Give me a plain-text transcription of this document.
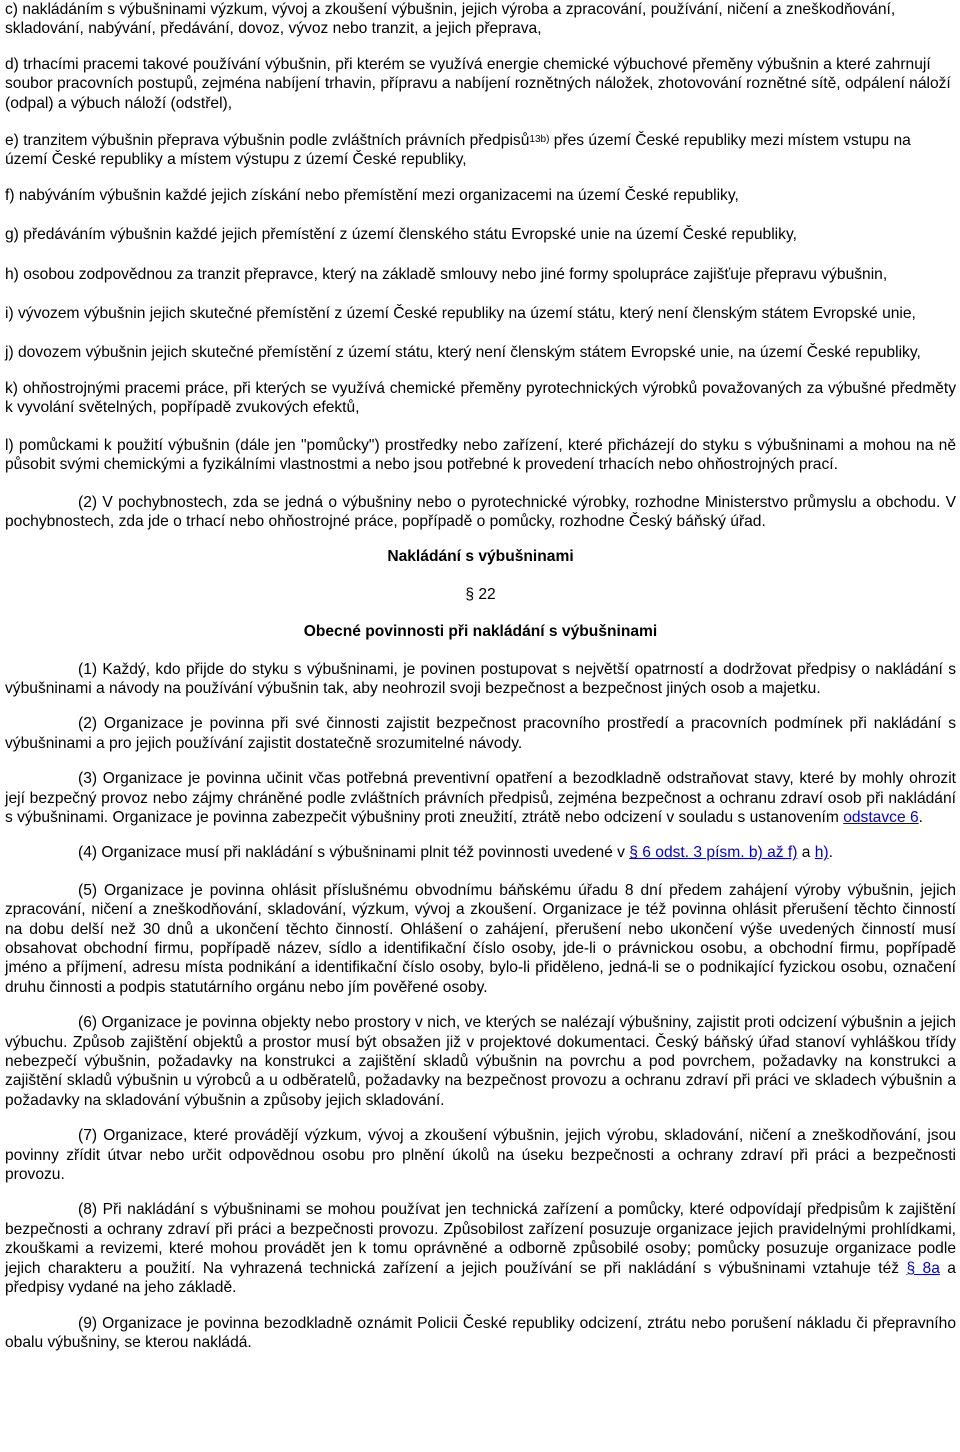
c) nakládáním s výbušninami výzkum, vývoj a zkoušení výbušnin, jejich výroba a zpracování, používání, ničení a zneškodňování, skladování, nabývání, předávání, dovoz, vývoz nebo tranzit, a jejich přeprava,

d) trhacími pracemi takové používání výbušnin, při kterém se využívá energie chemické výbuchové přeměny výbušnin a které zahrnují soubor pracovních postupů, zejména nabíjení trhavin, přípravu a nabíjení roznětných náložek, zhotovování roznětné sítě, odpálení náloží (odpal) a výbuch náloží (odstřel),

e) tranzitem výbušnin přeprava výbušnin podle zvláštních právních předpisů$^{13b)}$ přes území České republiky mezi místem vstupu na území České republiky a místem výstupu z území České republiky,

f) nabýváním výbušnin každé jejich získání nebo přemístění mezi organizacemi na území České republiky,

g) předáváním výbušnin každé jejich přemístění z území členského státu Evropské unie na území České republiky,

h) osobou zodpovědnou za tranzit přepravce, který na základě smlouvy nebo jiné formy spolupráce zajišťuje přepravu výbušnin,

i) vývozem výbušnin jejich skutečné přemístění z území České republiky na území státu, který není členským státem Evropské unie,

j) dovozem výbušnin jejich skutečné přemístění z území státu, který není členským státem Evropské unie, na území České republiky,

k) ohňostrojnými pracemi práce, při kterých se využívá chemické přeměny pyrotechnických výrobků považovaných za výbušné předměty k vyvolání světelných, popřípadě zvukových efektů,

l) pomůckami k použití výbušnin (dále jen "pomůcky") prostředky nebo zařízení, které přicházejí do styku s výbušninami a mohou na ně působit svými chemickými a fyzikálními vlastnostmi a nebo jsou potřebné k provedení trhacích nebo ohňostrojných prací.

(2) V pochybnostech, zda se jedná o výbušniny nebo o pyrotechnické výrobky, rozhodne Ministerstvo průmyslu a obchodu. V pochybnostech, zda jde o trhací nebo ohňostrojné práce, popřípadě o pomůcky, rozhodne Český báňský úřad.

Nakládání s výbušninami

§ 22

Obecné povinnosti při nakládání s výbušninami

(1) Každý, kdo přijde do styku s výbušninami, je povinen postupovat s největší opatrností a dodržovat předpisy o nakládání s výbušninami a návody na používání výbušnin tak, aby neohrozil svoji bezpečnost a bezpečnost jiných osob a majetku.

(2) Organizace je povinna při své činnosti zajistit bezpečnost pracovního prostředí a pracovních podmínek při nakládání s výbušninami a pro jejich používání zajistit dostatečně srozumitelné návody.

(3) Organizace je povinna učinit včas potřebná preventivní opatření a bezodkladně odstraňovat stavy, které by mohly ohrozit její bezpečný provoz nebo zájmy chráněné podle zvláštních právních předpisů, zejména bezpečnost a ochranu zdraví osob při nakládání s výbušninami. Organizace je povinna zabezpečit výbušniny proti zneužití, ztrátě nebo odcizení v souladu s ustanovením odstavce 6.

(4) Organizace musí při nakládání s výbušninami plnit též povinnosti uvedené v § 6 odst. 3 písm. b) až f) a h).

(5) Organizace je povinna ohlásit příslušnému obvodnímu báňskému úřadu 8 dní předem zahájení výroby výbušnin, jejich zpracování, ničení a zneškodňování, skladování, výzkum, vývoj a zkoušení. Organizace je též povinna ohlásit přerušení těchto činností na dobu delší než 30 dnů a ukončení těchto činností. Ohlášení o zahájení, přerušení nebo ukončení výše uvedených činností musí obsahovat obchodní firmu, popřípadě název, sídlo a identifikační číslo osoby, jde-li o právnickou osobu, a obchodní firmu, popřípadě jméno a příjmení, adresu místa podnikání a identifikační číslo osoby, bylo-li přiděleno, jedná-li se o podnikající fyzickou osobu, označení druhu činnosti a podpis statutárního orgánu nebo jím pověřené osoby.

(6) Organizace je povinna objekty nebo prostory v nich, ve kterých se nalézají výbušniny, zajistit proti odcizení výbušnin a jejich výbuchu. Způsob zajištění objektů a prostor musí být obsažen již v projektové dokumentaci. Český báňský úřad stanoví vyhláškou třídy nebezpečí výbušnin, požadavky na konstrukci a zajištění skladů výbušnin na povrchu a pod povrchem, požadavky na konstrukci a zajištění skladů výbušnin u výrobců a u odběratelů, požadavky na bezpečnost provozu a ochranu zdraví při práci ve skladech výbušnin a požadavky na skladování výbušnin a způsoby jejich skladování.

(7) Organizace, které provádějí výzkum, vývoj a zkoušení výbušnin, jejich výrobu, skladování, ničení a zneškodňování, jsou povinny zřídit útvar nebo určit odpovědnou osobu pro plnění úkolů na úseku bezpečnosti a ochrany zdraví při práci a bezpečnosti provozu.

(8) Při nakládání s výbušninami se mohou používat jen technická zařízení a pomůcky, které odpovídají předpisům k zajištění bezpečnosti a ochrany zdraví při práci a bezpečnosti provozu. Způsobilost zařízení posuzuje organizace jejich pravidelnými prohlídkami, zkouškami a revizemi, které mohou provádět jen k tomu oprávněné a odborně způsobilé osoby; pomůcky posuzuje organizace podle jejich charakteru a použití. Na vyhrazená technická zařízení a jejich používání se při nakládání s výbušninami vztahuje též § 8a a předpisy vydané na jeho základě.

(9) Organizace je povinna bezodkladně oznámit Policii České republiky odcizení, ztrátu nebo porušení nákladu či přepravního obalu výbušniny, se kterou nakládá.
